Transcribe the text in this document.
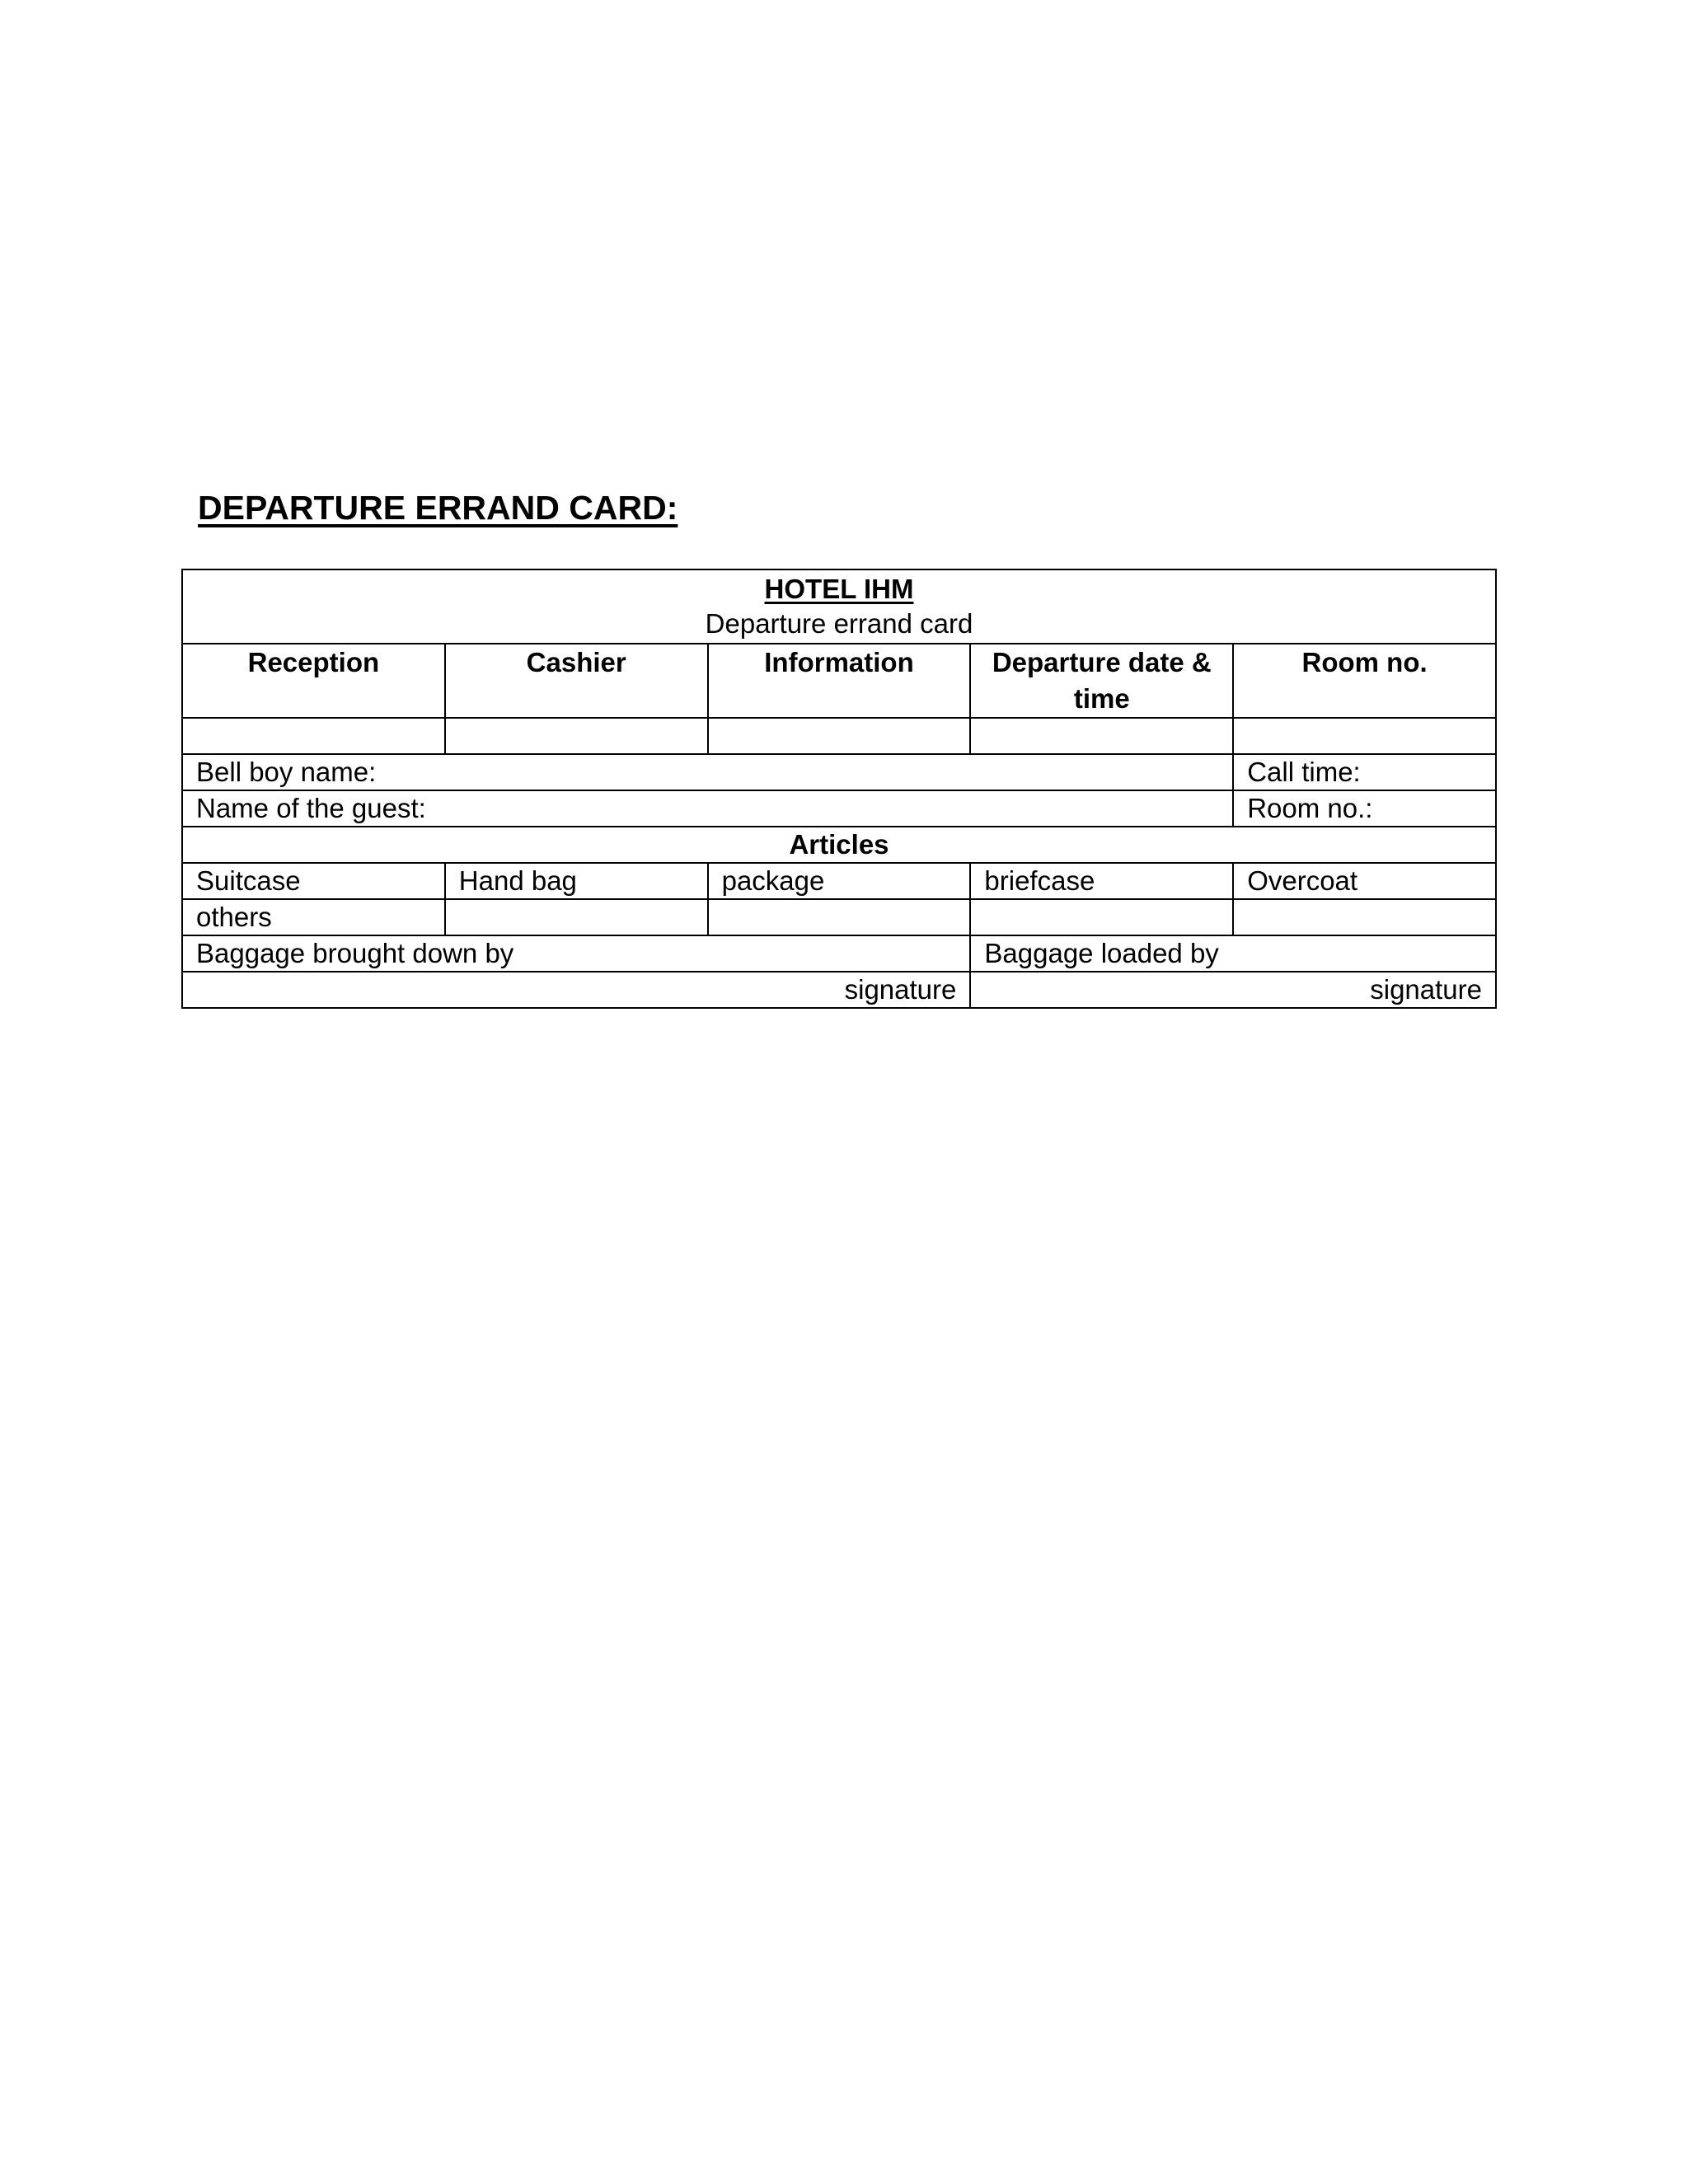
DEPARTURE ERRAND CARD:
HOTEL IHM
Departure errand card				

Reception	Cashier	Information	Departure date & time	Room no.

Bell boy name:				Call time:
Name of the guest:				Room no.:
Articles				
Suitcase	Hand bag	package	briefcase	Overcoat
others				
Baggage brought down by			Baggage loaded by	
signature			signature	
